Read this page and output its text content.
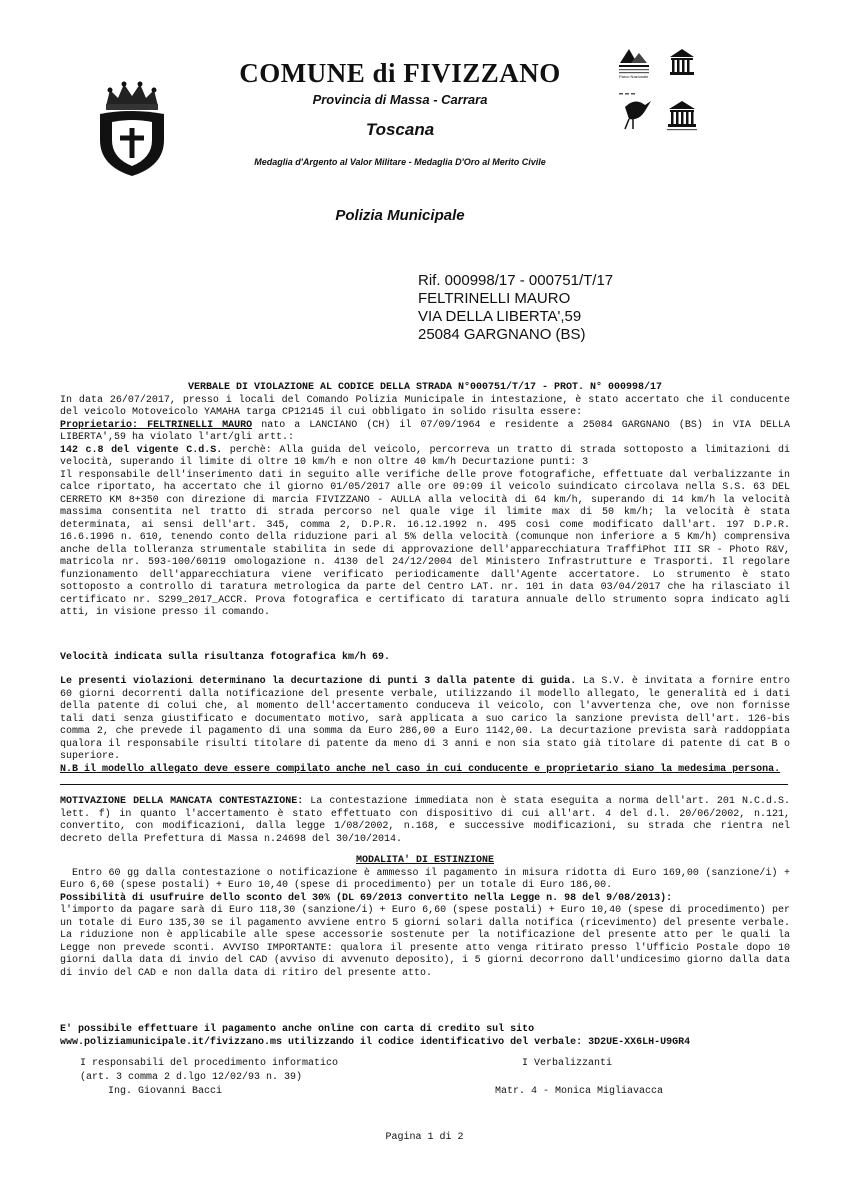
COMUNE di FIVIZZANO
Provincia di Massa - Carrara
Toscana
Medaglia d'Argento al Valor Militare - Medaglia D'Oro al Merito Civile
Polizia Municipale
Parco Nazionale
Rif. 000998/17 - 000751/T/17
FELTRINELLI MAURO
VIA DELLA LIBERTA',59
25084 GARGNANO (BS)

VERBALE DI VIOLAZIONE AL CODICE DELLA STRADA N°000751/T/17 - PROT. N° 000998/17

In data 26/07/2017, presso i locali del Comando Polizia Municipale in intestazione, è stato accertato che il conducente del veicolo Motoveicolo YAMAHA targa CP12145 il cui obbligato in solido risulta essere:

Proprietario: FELTRINELLI MAURO nato a LANCIANO (CH) il 07/09/1964 e residente a 25084 GARGNANO (BS) in VIA DELLA LIBERTA',59 ha violato l'art/gli artt.:

142 c.8 del vigente C.d.S. perchè: Alla guida del veicolo, percorreva un tratto di strada sottoposto a limitazioni di velocità, superando il limite di oltre 10 km/h e non oltre 40 km/h Decurtazione punti: 3

Il responsabile dell'inserimento dati in seguito alle verifiche delle prove fotografiche, effettuate dal verbalizzante in calce riportato, ha accertato che il giorno 01/05/2017 alle ore 09:09 il veicolo suindicato circolava nella S.S. 63 DEL CERRETO KM 8+350 con direzione di marcia FIVIZZANO - AULLA alla velocità di 64 km/h, superando di 14 km/h la velocità massima consentita nel tratto di strada percorso nel quale vige il limite max di 50 km/h; la velocità è stata determinata, ai sensi dell'art. 345, comma 2, D.P.R. 16.12.1992 n. 495 così come modificato dall'art. 197 D.P.R. 16.6.1996 n. 610, tenendo conto della riduzione pari al 5% della velocità (comunque non inferiore a 5 Km/h) comprensiva anche della tolleranza strumentale stabilita in sede di approvazione dell'apparecchiatura TraffiPhot III SR - Photo R&V, matricola nr. 593-100/60119 omologazione n. 4130 del 24/12/2004 del Ministero Infrastrutture e Trasporti. Il regolare funzionamento dell'apparecchiatura viene verificato periodicamente dall'Agente accertatore. Lo strumento è stato sottoposto a controllo di taratura metrologica da parte del Centro LAT. nr. 101 in data 03/04/2017 che ha rilasciato il certificato nr. S299_2017_ACCR. Prova fotografica e certificato di taratura annuale dello strumento sopra indicato agli atti, in visione presso il comando.

Velocità indicata sulla risultanza fotografica km/h 69.

Le presenti violazioni determinano la decurtazione di punti 3 dalla patente di guida. La S.V. è invitata a fornire entro 60 giorni decorrenti dalla notificazione del presente verbale, utilizzando il modello allegato, le generalità ed i dati della patente di colui che, al momento dell'accertamento conduceva il veicolo, con l'avvertenza che, ove non fornisse tali dati senza giustificato e documentato motivo, sarà applicata a suo carico la sanzione prevista dell'art. 126-bis comma 2, che prevede il pagamento di una somma da Euro 286,00 a Euro 1142,00. La decurtazione prevista sarà raddoppiata qualora il responsabile risulti titolare di patente da meno di 3 anni e non sia stato già titolare di patente di cat B o superiore.

N.B il modello allegato deve essere compilato anche nel caso in cui conducente e proprietario siano la medesima persona.

MOTIVAZIONE DELLA MANCATA CONTESTAZIONE: La contestazione immediata non è stata eseguita a norma dell'art. 201 N.C.d.S. lett. f) in quanto l'accertamento è stato effettuato con dispositivo di cui all'art. 4 del d.l. 20/06/2002, n.121, convertito, con modificazioni, dalla legge 1/08/2002, n.168, e successive modificazioni, su strada che rientra nel decreto della Prefettura di Massa n.24698 del 30/10/2014.

MODALITA' DI ESTINZIONE

Entro 60 gg dalla contestazione o notificazione è ammesso il pagamento in misura ridotta di Euro 169,00 (sanzione/i) + Euro 6,60 (spese postali) + Euro 10,40 (spese di procedimento) per un totale di Euro 186,00.

Possibilità di usufruire dello sconto del 30% (DL 69/2013 convertito nella Legge n. 98 del 9/08/2013):

l'importo da pagare sarà di Euro 118,30 (sanzione/i) + Euro 6,60 (spese postali) + Euro 10,40 (spese di procedimento) per un totale di Euro 135,30 se il pagamento avviene entro 5 giorni solari dalla notifica (ricevimento) del presente verbale. La riduzione non è applicabile alle spese accessorie sostenute per la notificazione del presente atto per le quali la Legge non prevede sconti. AVVISO IMPORTANTE: qualora il presente atto venga ritirato presso l'Ufficio Postale dopo 10 giorni dalla data di invio del CAD (avviso di avvenuto deposito), i 5 giorni decorrono dall'undicesimo giorno dalla data di invio del CAD e non dalla data di ritiro del presente atto.

E' possibile effettuare il pagamento anche online con carta di credito sul sito

www.poliziamunicipale.it/fivizzano.ms utilizzando il codice identificativo del verbale: 3D2UE-XX6LH-U9GR4

I responsabili del procedimento informatico
(art. 3 comma 2 d.lgo 12/02/93 n. 39)
Ing. Giovanni Bacci
I Verbalizzanti
Matr. 4 - Monica Migliavacca
Pagina 1 di 2
